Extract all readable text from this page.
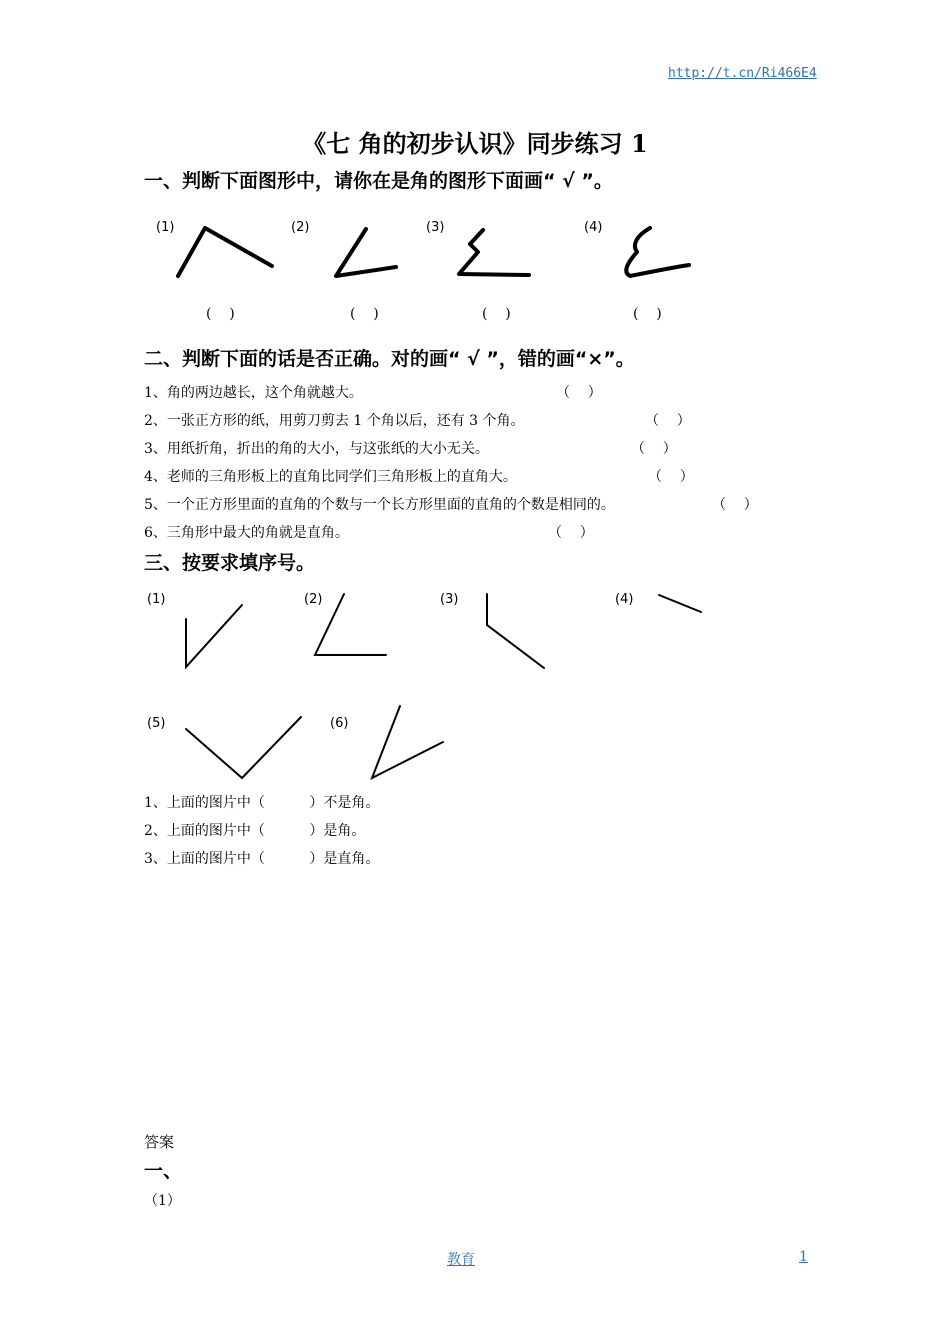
http://t.cn/Ri466E4
《七 角的初步认识》同步练习 1
一、判断下面图形中，请你在是角的图形下面画“ √ ”。
(1)	(2)	(3)	(4)
(    )	(    )	(    )	(    )
二、判断下面的话是否正确。对的画“ √ ”，错的画“×”。
1、角的两边越长，这个角就越大。	（    ）
2、一张正方形的纸，用剪刀剪去 1 个角以后，还有 3 个角。	（    ）
3、用纸折角，折出的角的大小，与这张纸的大小无关。	（    ）
4、老师的三角形板上的直角比同学们三角形板上的直角大。	（    ）
5、一个正方形里面的直角的个数与一个长方形里面的直角的个数是相同的。	（    ）
6、三角形中最大的角就是直角。	（    ）
三、按要求填序号。
(1)	(2)	(3)	(4)
(5)	(6)
1、上面的图片中（          ）不是角。
2、上面的图片中（          ）是角。
3、上面的图片中（          ）是直角。
答案
一、
（1）
教育	1
